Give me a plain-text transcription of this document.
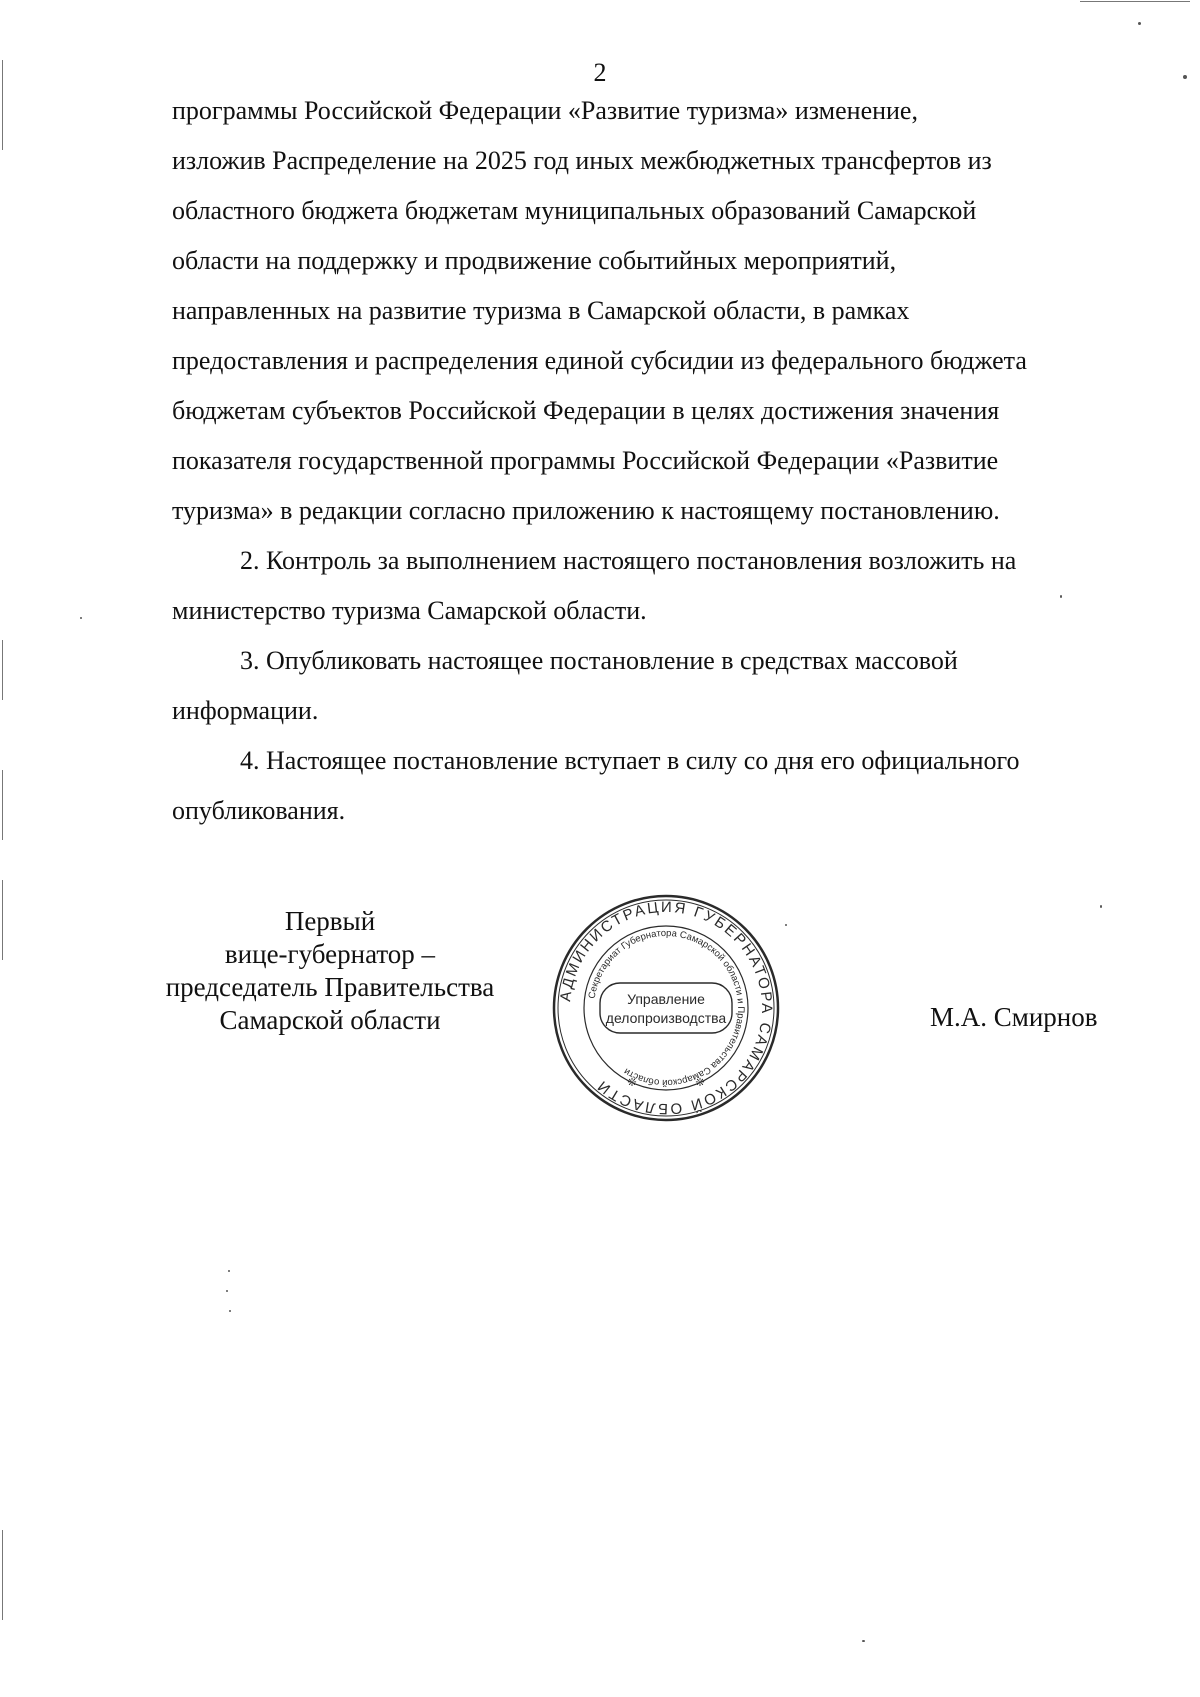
2

программы Российской Федерации «Развитие туризма» изменение,

изложив Распределение на 2025 год иных межбюджетных трансфертов из

областного бюджета бюджетам муниципальных образований Самарской

области на поддержку и продвижение событийных мероприятий,

направленных на развитие туризма в Самарской области, в рамках

предоставления и распределения единой субсидии из федерального бюджета

бюджетам субъектов Российской Федерации в целях достижения значения

показателя государственной программы Российской Федерации «Развитие

туризма» в редакции согласно приложению к настоящему постановлению.

2. Контроль за выполнением настоящего постановления возложить на

министерство туризма Самарской области.

3. Опубликовать настоящее постановление в средствах массовой

информации.

4. Настоящее постановление вступает в силу со дня его официального

опубликования.

Первый
вице-губернатор –
председатель Правительства
Самарской области
АДМИНИСТРАЦИЯ ГУБЕРНАТОРА САМАРСКОЙ ОБЛАСТИ
Секретариат Губернатора Самарской области и Правительства Самарской области
Управление
делопроизводства
❊	❊
М.А. Смирнов
